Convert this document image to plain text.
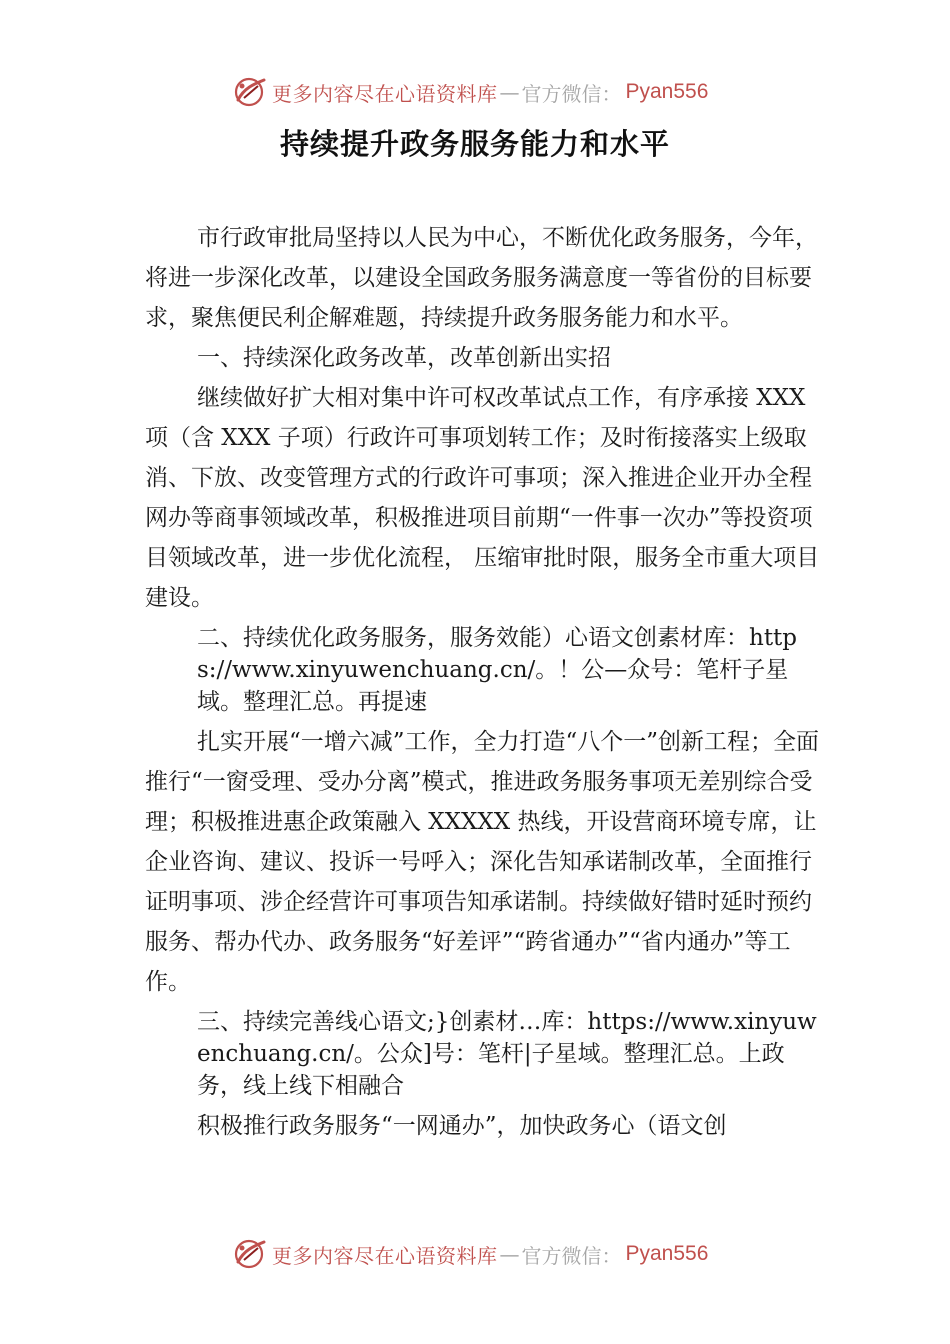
更多内容尽在心语资料库 — 官方微信： Pyan556
持续提升政务服务能力和水平

市行政审批局坚持以人民为中心，不断优化政务服务，今年，将进一步深化改革，以建设全国政务服务满意度一等省份的目标要求，聚焦便民利企解难题，持续提升政务服务能力和水平。

一、持续深化政务改革，改革创新出实招

继续做好扩大相对集中许可权改革试点工作，有序承接 XXX 项（含 XXX 子项）行政许可事项划转工作；及时衔接落实上级取消、下放、改变管理方式的行政许可事项；深入推进企业开办全程网办等商事领域改革，积极推进项目前期“一件事一次办”等投资项目领域改革，进一步优化流程， 压缩审批时限，服务全市重大项目建设。

二、持续优化政务服务，服务效能）心语文创素材库：https://www.xinyuwenchuang.cn/。！公—众号：笔杆子星域。整理汇总。再提速

扎实开展“一增六减”工作，全力打造“八个一”创新工程；全面推行“一窗受理、受办分离”模式，推进政务服务事项无差别综合受理；积极推进惠企政策融入 XXXXX 热线，开设营商环境专席，让企业咨询、建议、投诉一号呼入；深化告知承诺制改革，全面推行证明事项、涉企经营许可事项告知承诺制。持续做好错时延时预约服务、帮办代办、政务服务“好差评”“跨省通办”“省内通办”等工作。

三、持续完善线心语文;}创素材…库：https://www.xinyuwenchuang.cn/。公众]号：笔杆|子星域。整理汇总。上政务，线上线下相融合

积极推行政务服务“一网通办”，加快政务心（语文创

更多内容尽在心语资料库 — 官方微信： Pyan556
